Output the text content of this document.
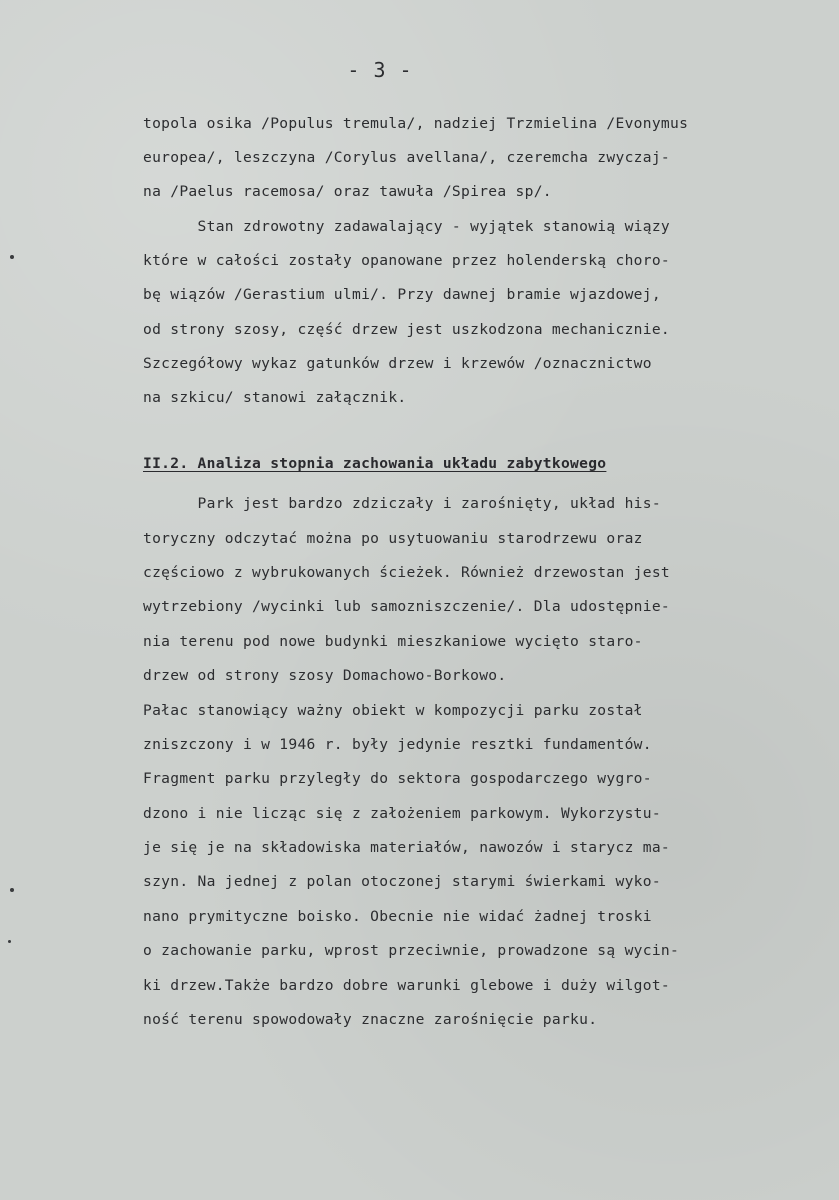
- 3 -
topola osika /Populus tremula/, nadziej Trzmielina /Evonymus
europea/, leszczyna /Corylus avellana/, czeremcha zwyczaj-
na /Paelus racemosa/ oraz tawuła /Spirea sp/.
Stan zdrowotny zadawalający - wyjątek stanowią wiązy
które w całości zostały opanowane przez holenderską choro-
bę wiązów /Gerastium ulmi/. Przy dawnej bramie wjazdowej,
od strony szosy, część drzew jest uszkodzona mechanicznie.
Szczegółowy wykaz gatunków drzew i krzewów /oznacznictwo
na szkicu/ stanowi załącznik.
II.2. Analiza stopnia zachowania układu zabytkowego
Park jest bardzo zdziczały i zarośnięty, układ his-
toryczny odczytać można po usytuowaniu starodrzewu oraz
częściowo z wybrukowanych ścieżek. Również drzewostan jest
wytrzebiony /wycinki lub samozniszczenie/. Dla udostępnie-
nia terenu pod nowe budynki mieszkaniowe wycięto staro-
drzew od strony szosy Domachowo-Borkowo.
Pałac stanowiący ważny obiekt w kompozycji parku został
zniszczony i w 1946 r. były jedynie resztki fundamentów.
Fragment parku przyległy do sektora gospodarczego wygro-
dzono i nie licząc się z założeniem parkowym. Wykorzystu-
je się je na składowiska materiałów, nawozów i starycz ma-
szyn. Na jednej z polan otoczonej starymi świerkami wyko-
nano prymityczne boisko. Obecnie nie widać żadnej troski
o zachowanie parku, wprost przeciwnie, prowadzone są wycin-
ki drzew.Także bardzo dobre warunki glebowe i duży wilgot-
ność terenu spowodowały znaczne zarośnięcie parku.
